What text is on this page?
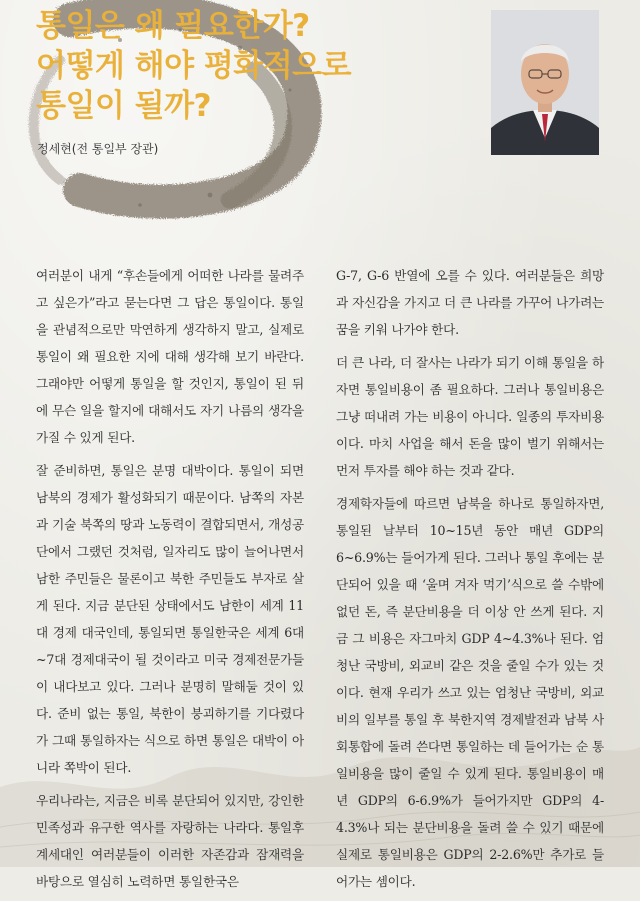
통일은 왜 필요한가?
어떻게 해야 평화적으로
통일이 될까?
정세현(전 통일부 장관)

여러분이 내게 “후손들에게 어떠한 나라를 물려주고 싶은가”라고 묻는다면 그 답은 통일이다. 통일을 관념적으로만 막연하게 생각하지 말고, 실제로 통일이 왜 필요한 지에 대해 생각해 보기 바란다. 그래야만 어떻게 통일을 할 것인지, 통일이 된 뒤에 무슨 일을 할지에 대해서도 자기 나름의 생각을 가질 수 있게 된다.

잘 준비하면, 통일은 분명 대박이다. 통일이 되면 남북의 경제가 활성화되기 때문이다. 남쪽의 자본과 기술 북쪽의 땅과 노동력이 결합되면서, 개성공단에서 그랬던 것처럼, 일자리도 많이 늘어나면서 남한 주민들은 물론이고 북한 주민들도 부자로 살게 된다. 지금 분단된 상태에서도 남한이 세계 11대 경제 대국인데, 통일되면 통일한국은 세계 6대~7대 경제대국이 될 것이라고 미국 경제전문가들이 내다보고 있다. 그러나 분명히 말해둘 것이 있다. 준비 없는 통일, 북한이 붕괴하기를 기다렸다가 그때 통일하자는 식으로 하면 통일은 대박이 아니라 쪽박이 된다.

우리나라는, 지금은 비록 분단되어 있지만, 강인한 민족성과 유구한 역사를 자랑하는 나라다. 통일후계세대인 여러분들이 이러한 자존감과 잠재력을 바탕으로 열심히 노력하면 통일한국은

G-7, G-6 반열에 오를 수 있다. 여러분들은 희망과 자신감을 가지고 더 큰 나라를 가꾸어 나가려는 꿈을 키워 나가야 한다.

더 큰 나라, 더 잘사는 나라가 되기 이해 통일을 하자면 통일비용이 좀 필요하다. 그러나 통일비용은 그냥 떠내려 가는 비용이 아니다. 일종의 투자비용이다. 마치 사업을 해서 돈을 많이 벌기 위해서는 먼저 투자를 해야 하는 것과 같다.

경제학자들에 따르면 남북을 하나로 통일하자면, 통일된 날부터 10~15년 동안 매년 GDP의 6~6.9%는 들어가게 된다. 그러나 통일 후에는 분단되어 있을 때 ‘울며 겨자 먹기’식으로 쓸 수밖에 없던 돈, 즉 분단비용을 더 이상 안 쓰게 된다. 지금 그 비용은 자그마치 GDP 4~4.3%나 된다. 엄청난 국방비, 외교비 같은 것을 줄일 수가 있는 것이다. 현재 우리가 쓰고 있는 엄청난 국방비, 외교비의 일부를 통일 후 북한지역 경제발전과 남북 사회통합에 돌려 쓴다면 통일하는 데 들어가는 순 통일비용을 많이 줄일 수 있게 된다. 통일비용이 매년 GDP의 6-6.9%가 들어가지만 GDP의 4-4.3%나 되는 분단비용을 돌려 쓸 수 있기 때문에 실제로 통일비용은 GDP의 2-2.6%만 추가로 들어가는 셈이다.
